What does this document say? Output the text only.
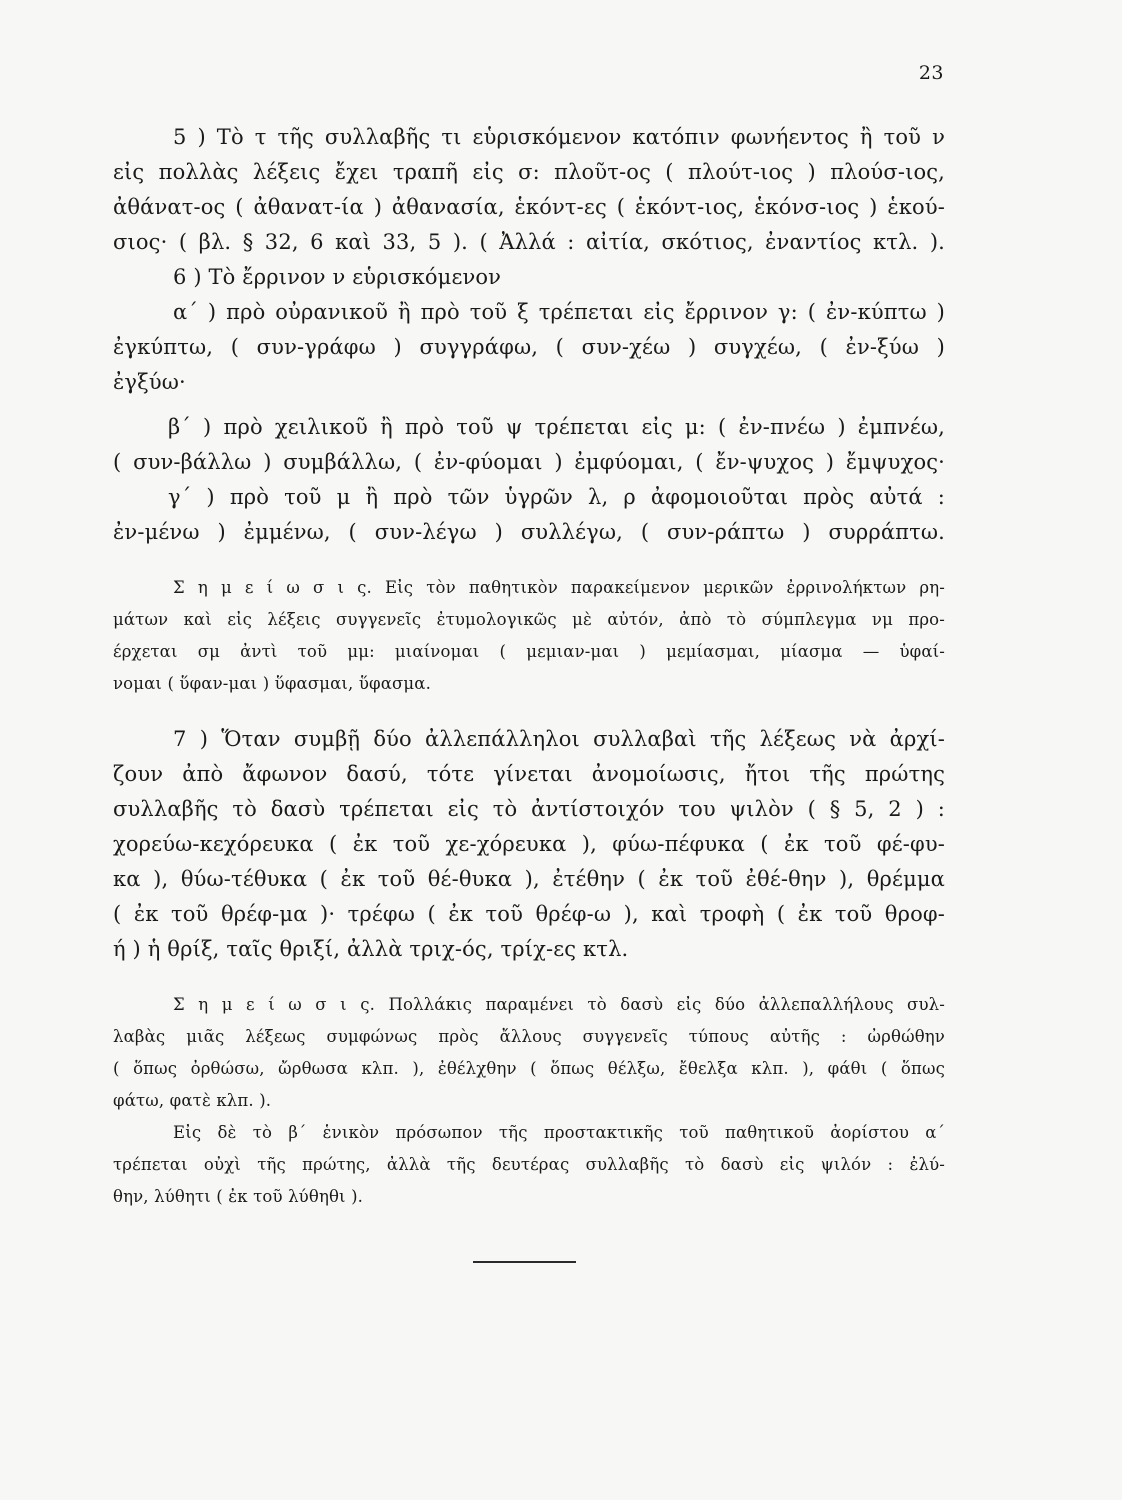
23
5 ) Τὸ τ τῆς συλλαβῆς τι εὑρισκόμενον κατόπιν φωνήεντος ἢ τοῦ ν
εἰς πολλὰς λέξεις ἔχει τραπῆ εἰς σ: πλοῦτ-ος ( πλούτ-ιος ) πλούσ-ιος,
ἀθάνατ-ος ( ἀθανατ-ία ) ἀθανασία, ἑκόντ-ες ( ἑκόντ-ιος, ἑκόνσ-ιος ) ἑκού-
σιος· ( βλ. § 32, 6 καὶ 33, 5 ). ( Ἀλλά : αἰτία, σκότιος, ἐναντίος κτλ. ).
6 ) Τὸ ἔρρινον ν εὑρισκόμενον
α΄ ) πρὸ οὐρανικοῦ ἢ πρὸ τοῦ ξ τρέπεται εἰς ἔρρινον γ: ( ἐν-κύπτω )
ἐγκύπτω, ( συν-γράφω ) συγγράφω, ( συν-χέω ) συγχέω, ( ἐν-ξύω )
ἐγξύω·
β΄ ) πρὸ χειλικοῦ ἢ πρὸ τοῦ ψ τρέπεται εἰς μ: ( ἐν-πνέω ) ἐμπνέω,
( συν-βάλλω ) συμβάλλω, ( ἐν-φύομαι ) ἐμφύομαι, ( ἔν-ψυχος ) ἔμψυχος·
γ΄ ) πρὸ τοῦ μ ἢ πρὸ τῶν ὑγρῶν λ, ρ ἀφομοιοῦται πρὸς αὐτά :
ἐν-μένω ) ἐμμένω, ( συν-λέγω ) συλλέγω, ( συν-ράπτω ) συρράπτω.
Σ η μ ε ί ω σ ι ς. Εἰς τὸν παθητικὸν παρακείμενον μερικῶν ἐρρινολήκτων ρη-
μάτων καὶ εἰς λέξεις συγγενεῖς ἐτυμολογικῶς μὲ αὐτόν, ἀπὸ τὸ σύμπλεγμα νμ προ-
έρχεται σμ ἀντὶ τοῦ μμ: μιαίνομαι ( μεμιαν-μαι ) μεμίασμαι, μίασμα — ὑφαί-
νομαι ( ὕφαν-μαι ) ὕφασμαι, ὕφασμα.
7 ) Ὅταν συμβῇ δύο ἀλλεπάλληλοι συλλαβαὶ τῆς λέξεως νὰ ἀρχί-
ζουν ἀπὸ ἄφωνον δασύ, τότε γίνεται ἀνομοίωσις, ἤτοι τῆς πρώτης
συλλαβῆς τὸ δασὺ τρέπεται εἰς τὸ ἀντίστοιχόν του ψιλὸν ( § 5, 2 ) :
χορεύω-κεχόρευκα ( ἐκ τοῦ χε-χόρευκα ), φύω-πέφυκα ( ἐκ τοῦ φέ-φυ-
κα ), θύω-τέθυκα ( ἐκ τοῦ θέ-θυκα ), ἐτέθην ( ἐκ τοῦ ἐθέ-θην ), θρέμμα
( ἐκ τοῦ θρέφ-μα )· τρέφω ( ἐκ τοῦ θρέφ-ω ), καὶ τροφὴ ( ἐκ τοῦ θροφ-
ή ) ἡ θρίξ, ταῖς θριξί, ἀλλὰ τριχ-ός, τρίχ-ες κτλ.
Σ η μ ε ί ω σ ι ς. Πολλάκις παραμένει τὸ δασὺ εἰς δύο ἀλλεπαλλήλους συλ-
λαβὰς μιᾶς λέξεως συμφώνως πρὸς ἄλλους συγγενεῖς τύπους αὐτῆς : ὠρθώθην
( ὅπως ὀρθώσω, ὤρθωσα κλπ. ), ἐθέλχθην ( ὅπως θέλξω, ἔθελξα κλπ. ), φάθι ( ὅπως
φάτω, φατὲ κλπ. ).
Εἰς δὲ τὸ β΄ ἑνικὸν πρόσωπον τῆς προστακτικῆς τοῦ παθητικοῦ ἀορίστου α΄
τρέπεται οὐχὶ τῆς πρώτης, ἀλλὰ τῆς δευτέρας συλλαβῆς τὸ δασὺ εἰς ψιλόν : ἐλύ-
θην, λύθητι ( ἐκ τοῦ λύθηθι ).
